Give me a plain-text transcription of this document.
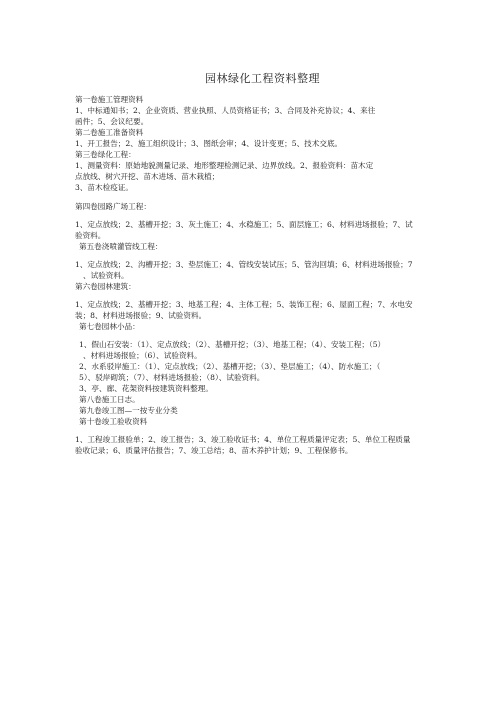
园林绿化工程资料整理
第一卷施工管理资料
1、中标通知书；2、企业资质、营业执照、人员资格证书；3、合同及补充协议；4、来往
函件；5、会议纪要。
第二卷施工准备资料
1、开工报告；2、施工组织设计；3、图纸会审；4、设计变更；5、技术交底。
第三卷绿化工程：
1、测量资料：原始地貌测量记录、地形整理检测记录、边界放线。2、报验资料：苗木定
点放线、树穴开挖、苗木进场、苗木栽植；
3、苗木检疫证。
第四卷园路广场工程：
1、定点放线；2、基槽开挖；3、灰土施工；4、水稳施工；5、面层施工；6、材料进场报验；7、试
验资料。
第五卷浇喷灌管线工程：
1、定点放线；2、沟槽开挖；3、垫层施工；4、管线安装试压；5、管沟回填；6、材料进场报验；7
、试验资料。
第六卷园林建筑：
1、定点放线；2、基槽开挖；3、地基工程；4、主体工程；5、装饰工程；6、屋面工程；7、水电安
装；8、材料进场报验；9、试验资料。
第七卷园林小品：
1、假山石安装：（1）、定点放线；（2）、基槽开挖；（3）、地基工程；（4）、安装工程；（5）
、材料进场报验；（6）、试验资料。
2、水系驳岸施工：（1）、定点放线；（2）、基槽开挖；（3）、垫层施工；（4）、防水施工；（
5）、驳岸砌筑；（7）、材料进场报验；（8）、试验资料。
3、亭、廊、花架资料按建筑资料整理。
第八卷施工日志。
第九卷竣工图—一按专业分类
第十卷竣工验收资料
1、工程竣工报验单；2、竣工报告；3、竣工验收证书；4、单位工程质量评定表；5、单位工程质量
验收记录；6、质量评估报告；7、竣工总结；8、苗木养护计划；9、工程保修书。
